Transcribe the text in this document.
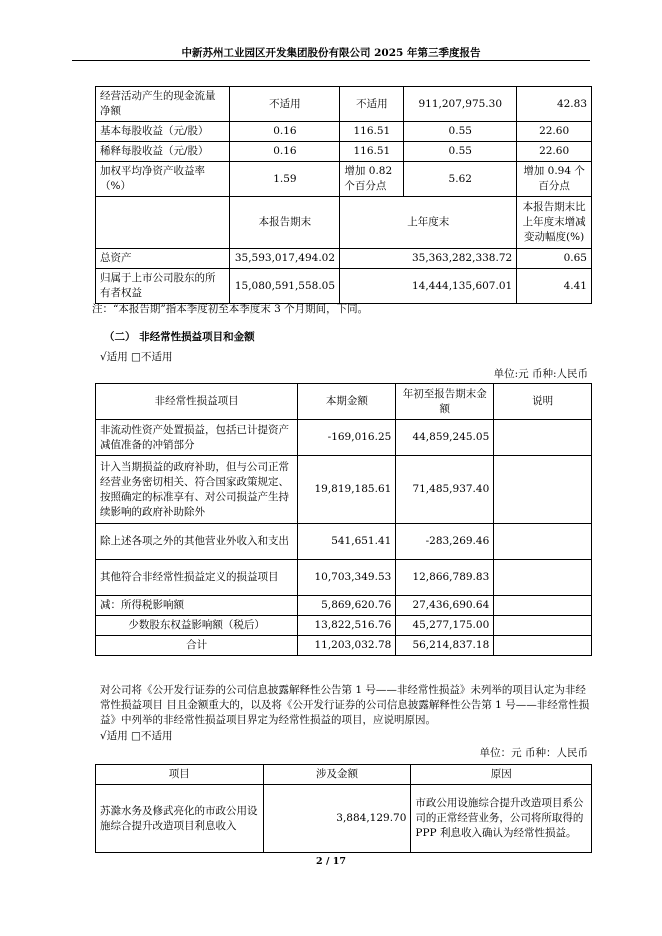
中新苏州工业园区开发集团股份有限公司 2025 年第三季度报告
经营活动产生的现金流量净额	不适用	不适用	911,207,975.30	42.83
基本每股收益（元/股）	0.16	116.51	0.55	22.60
稀释每股收益（元/股）	0.16	116.51	0.55	22.60
加权平均净资产收益率（%）	1.59	增加 0.82 个百分点	5.62	增加 0.94 个百分点
	本报告期末	上年度末		本报告期末比上年度末增减变动幅度(%)
总资产	35,593,017,494.02	35,363,282,338.72		0.65
归属于上市公司股东的所有者权益	15,080,591,558.05	14,444,135,607.01		4.41
注：“本报告期”指本季度初至本季度末 3 个月期间，下同。
（二） 非经常性损益项目和金额
√适用 □不适用
单位:元 币种:人民币
非经常性损益项目	本期金额	年初至报告期末金额	说明
非流动性资产处置损益，包括已计提资产减值准备的冲销部分	-169,016.25	44,859,245.05	
计入当期损益的政府补助，但与公司正常经营业务密切相关、符合国家政策规定、按照确定的标准享有、对公司损益产生持续影响的政府补助除外	19,819,185.61	71,485,937.40	
除上述各项之外的其他营业外收入和支出	541,651.41	-283,269.46	
其他符合非经常性损益定义的损益项目	10,703,349.53	12,866,789.83	
减：所得税影响额	5,869,620.76	27,436,690.64	
少数股东权益影响额（税后）	13,822,516.76	45,277,175.00	
合计	11,203,032.78	56,214,837.18	
对公司将《公开发行证券的公司信息披露解释性公告第 1 号——非经常性损益》未列举的项目认定为非经常性损益项目 目且金额重大的，以及将《公开发行证券的公司信息披露解释性公告第 1 号——非经常性损益》中列举的非经常性损益项目界定为经常性损益的项目，应说明原因。
√适用 □不适用
单位：元 币种：人民币
项目	涉及金额	原因
苏滁水务及修武亮化的市政公用设施综合提升改造项目利息收入	3,884,129.70	市政公用设施综合提升改造项目系公司的正常经营业务，公司将所取得的 PPP 利息收入确认为经常性损益。
2 / 17
